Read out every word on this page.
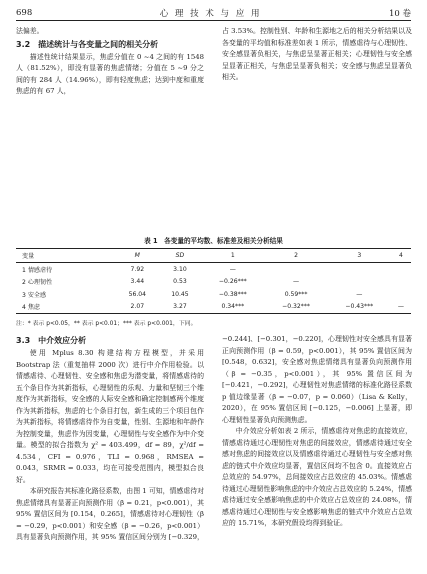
698	心 理 技 术 与 应 用	10 卷

法偏差。

3.2　描述统计与各变量之间的相关分析

描述性统计结果显示，焦虑分值在 0 ~4 之间的有 1548 人（81.52%），即没有显著的焦虑情绪；分值在 5 ~9 分之间的有 284 人（14.96%），即有轻度焦虑；达到中度和重度焦虑的有 67 人，

占 3.53%。控制性别、年龄和生源地之后的相关分析结果以及各变量的平均值和标准差如表 1 所示，情感虐待与心理韧性、安全感显著负相关，与焦虑呈显著正相关；心理韧性与安全感呈显著正相关，与焦虑呈显著负相关；安全感与焦虑呈显著负相关。

表 1　各变量的平均数、标准差及相关分析结果
变量	M	SD	1	2	3	4
1 情感虐待	7.92	3.10	—			
2 心理韧性	3.44	0.53	−0.26***	—		
3 安全感	56.04	10.45	−0.38***	0.59***	—	
4 焦虑	2.07	3.27	0.34***	−0.32***	−0.43***	—
注：* 表示 p<0.05，** 表示 p<0.01；*** 表示 p<0.001，下同。
3.3　中介效应分析

使用 Mplus 8.30 构建结构方程模型，并采用 Bootstrap 法（重复抽样 2000 次）进行中介作用检验。以情感虐待、心理韧性、安全感和焦虑为潜变量，将情感虐待的五个条目作为其新指标，心理韧性的乐观、力量和坚韧三个维度作为其新指标，安全感的人际安全感和确定控制感两个维度作为其新指标，焦虑的七个条目打包，新生成的三个项目包作为其新指标，将情感虐待作为自变量，性别、生源地和年龄作为控制变量，焦虑作为因变量，心理韧性与安全感作为中介变量。模型的拟合指数为 χ² = 403.499，df = 89，χ²/df = 4.534，CFI = 0.976，TLI = 0.968，RMSEA = 0.043，SRMR = 0.033，均在可接受范围内，模型拟合良好。

本研究报告其标准化路径系数，由图 1 可知，情感虐待对焦虑情绪具有显著正向预测作用（β = 0.21，p<0.001），其 95% 置信区间为 [0.154，0.265]，情感虐待对心理韧性（β = −0.29，p<0.001）和安全感（β = −0.26，p<0.001）具有显著负向预测作用，其 95% 置信区间分别为 [−0.329，

−0.244]、[−0.301，−0.220]，心理韧性对安全感具有显著正向预测作用（β = 0.59，p<0.001），其 95% 置信区间为 [0.548，0.632]，安全感对焦虑情绪具有显著负向预测作用（β = −0.35，p<0.001），其 95% 置信区间为 [−0.421，−0.292]，心理韧性对焦虑情绪的标准化路径系数 p 值边缘显著（β = −0.07，p = 0.060）（Lisa & Kelly，2020），在 95% 置信区间 [−0.125，−0.006] 上显著，即心理韧性显著负向预测焦虑。

中介效应分析如表 2 所示，情感虐待对焦虑的直接效应，情感虐待通过心理韧性对焦虑的间接效应，情感虐待通过安全感对焦虑的间接效应以及情感虐待通过心理韧性与安全感对焦虑的链式中介效应均显著，置信区间均不包含 0。直接效应占总效应的 54.97%，总间接效应占总效应的 45.03%。情感虐待通过心理韧性影响焦虑的中介效应占总效应的 5.24%，情感虐待通过安全感影响焦虑的中介效应占总效应的 24.08%，情感虐待通过心理韧性与安全感影响焦虑的链式中介效应占总效应的 15.71%，本研究假设均得到验证。
